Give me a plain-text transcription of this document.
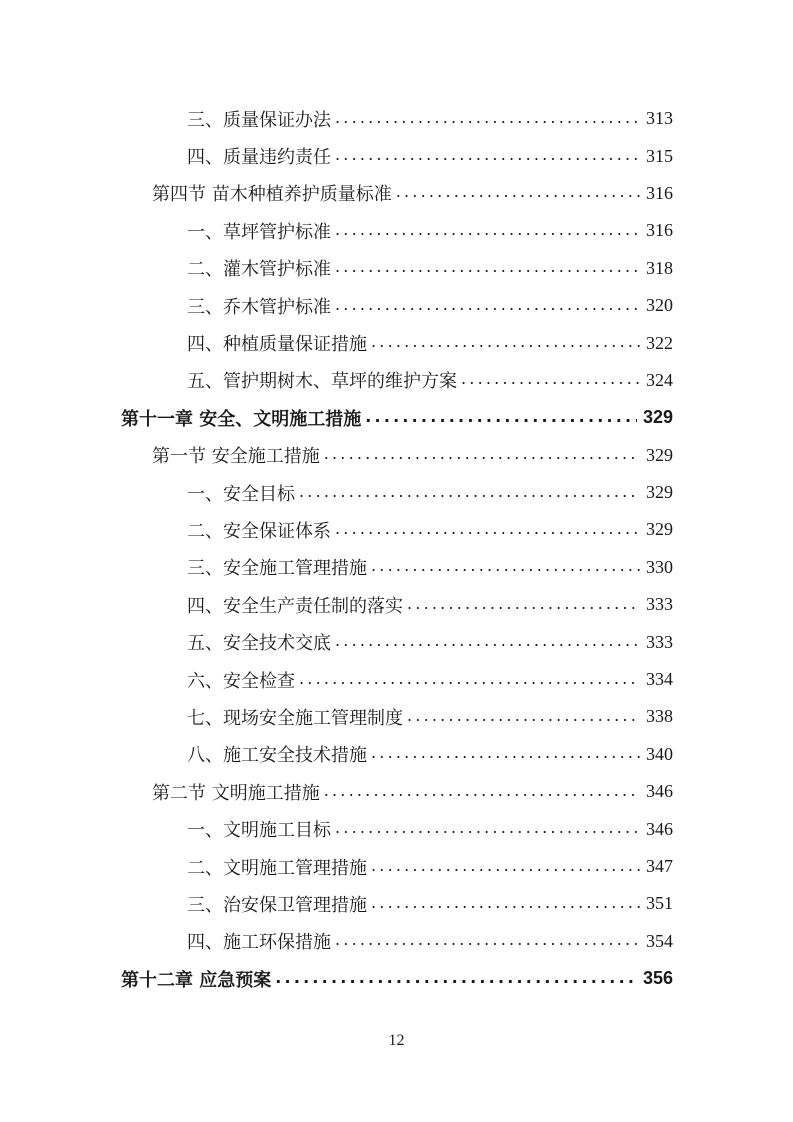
三、质量保证办法 .....	313
四、质量违约责任 .....	315
第四节 苗木种植养护质量标准 .....	316
一、草坪管护标准 .....	316
二、灌木管护标准 .....	318
三、乔木管护标准 .....	320
四、种植质量保证措施 .....	322
五、管护期树木、草坪的维护方案 .....	324
第十一章 安全、文明施工措施 .....	329
第一节 安全施工措施 .....	329
一、安全目标 .....	329
二、安全保证体系 .....	329
三、安全施工管理措施 .....	330
四、安全生产责任制的落实 .....	333
五、安全技术交底 .....	333
六、安全检查 .....	334
七、现场安全施工管理制度 .....	338
八、施工安全技术措施 .....	340
第二节 文明施工措施 .....	346
一、文明施工目标 .....	346
二、文明施工管理措施 .....	347
三、治安保卫管理措施 .....	351
四、施工环保措施 .....	354
第十二章 应急预案 .....	356
12
